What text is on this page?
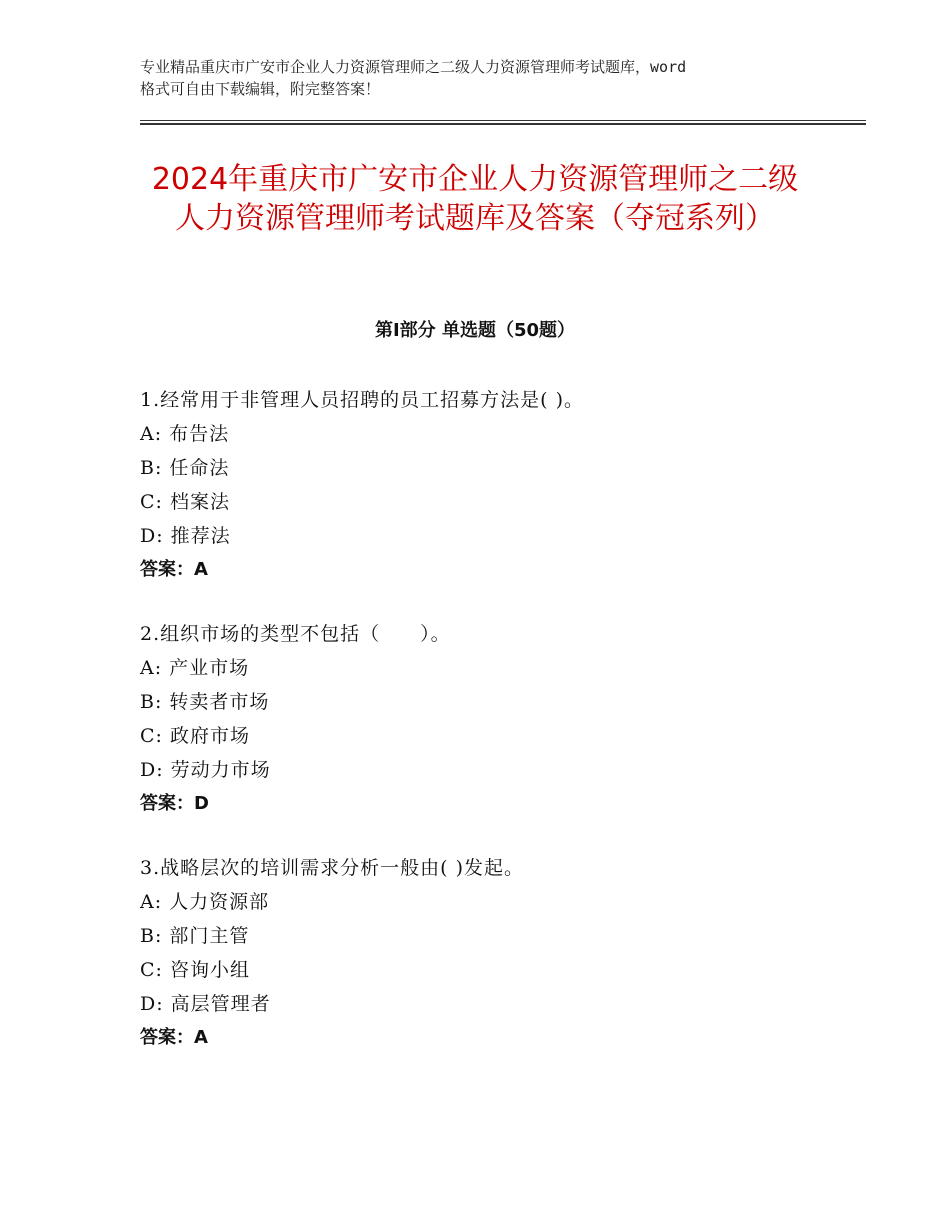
专业精品重庆市广安市企业人力资源管理师之二级人力资源管理师考试题库，word
格式可自由下载编辑，附完整答案！
2024年重庆市广安市企业人力资源管理师之二级人力资源管理师考试题库及答案（夺冠系列）
第Ⅰ部分 单选题（50题）
1.经常用于非管理人员招聘的员工招募方法是( )。
A: 布告法
B: 任命法
C: 档案法
D: 推荐法
答案：A
2.组织市场的类型不包括（　　）。
A: 产业市场
B: 转卖者市场
C: 政府市场
D: 劳动力市场
答案：D
3.战略层次的培训需求分析一般由( )发起。
A: 人力资源部
B: 部门主管
C: 咨询小组
D: 高层管理者
答案：A
